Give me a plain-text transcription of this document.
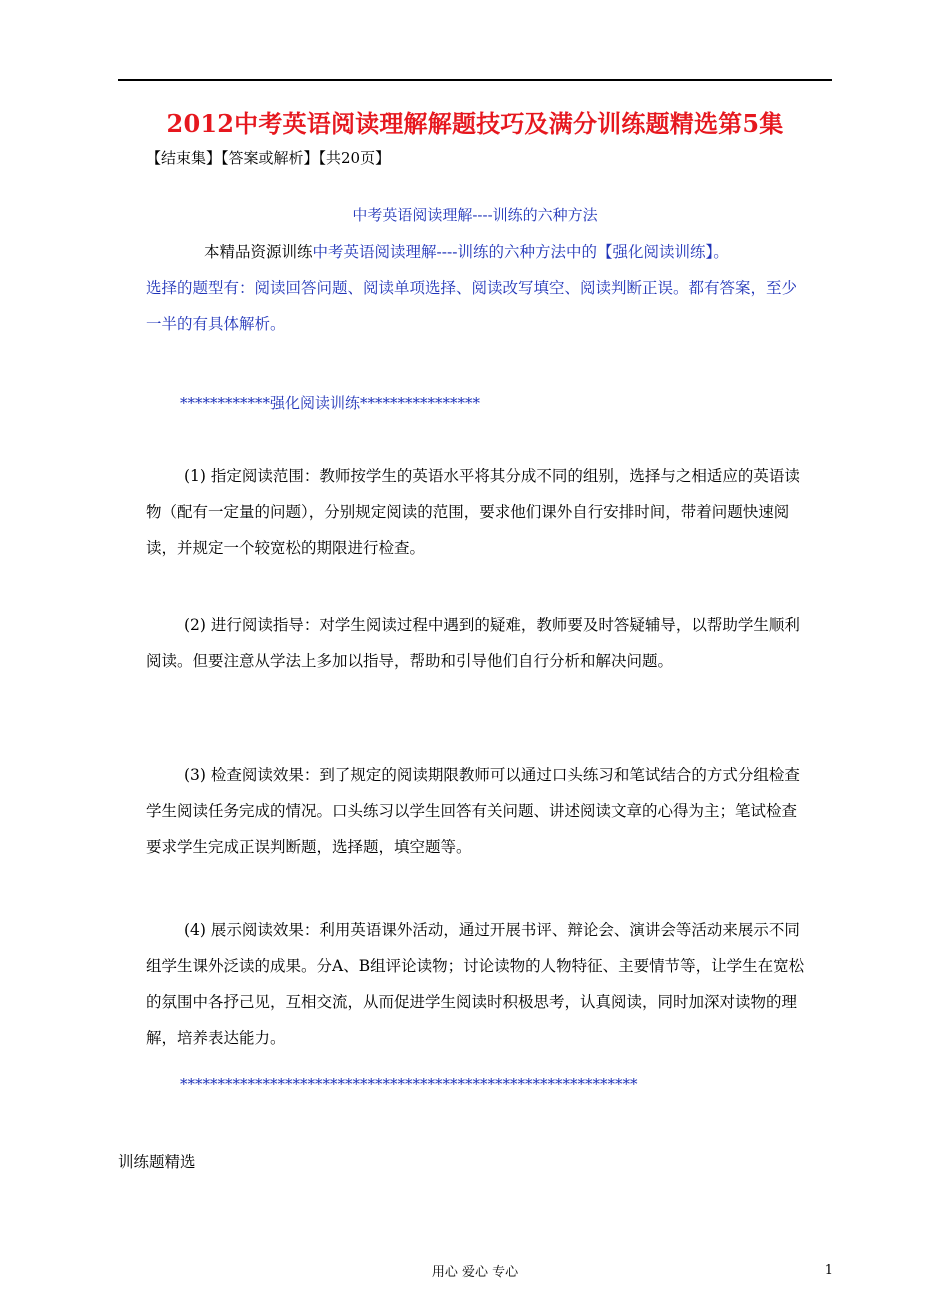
2012中考英语阅读理解解题技巧及满分训练题精选第5集
【结束集】【答案或解析】【共20页】
中考英语阅读理解----训练的六种方法
本精品资源训练中考英语阅读理解----训练的六种方法中的【强化阅读训练】。
选择的题型有：阅读回答问题、阅读单项选择、阅读改写填空、阅读判断正误。都有答案，至少一半的有具体解析。
************强化阅读训练****************
(1) 指定阅读范围：教师按学生的英语水平将其分成不同的组别，选择与之相适应的英语读物（配有一定量的问题），分别规定阅读的范围，要求他们课外自行安排时间，带着问题快速阅读，并规定一个较宽松的期限进行检查。
(2) 进行阅读指导：对学生阅读过程中遇到的疑难，教师要及时答疑辅导，以帮助学生顺利阅读。但要注意从学法上多加以指导，帮助和引导他们自行分析和解决问题。
(3) 检查阅读效果：到了规定的阅读期限教师可以通过口头练习和笔试结合的方式分组检查学生阅读任务完成的情况。口头练习以学生回答有关问题、讲述阅读文章的心得为主；笔试检查要求学生完成正误判断题，选择题，填空题等。
(4) 展示阅读效果：利用英语课外活动，通过开展书评、辩论会、演讲会等活动来展示不同组学生课外泛读的成果。分A、B组评论读物；讨论读物的人物特征、主要情节等，让学生在宽松的氛围中各抒己见，互相交流，从而促进学生阅读时积极思考，认真阅读，同时加深对读物的理解，培养表达能力。
*************************************************************
训练题精选
用心 爱心 专心	1
